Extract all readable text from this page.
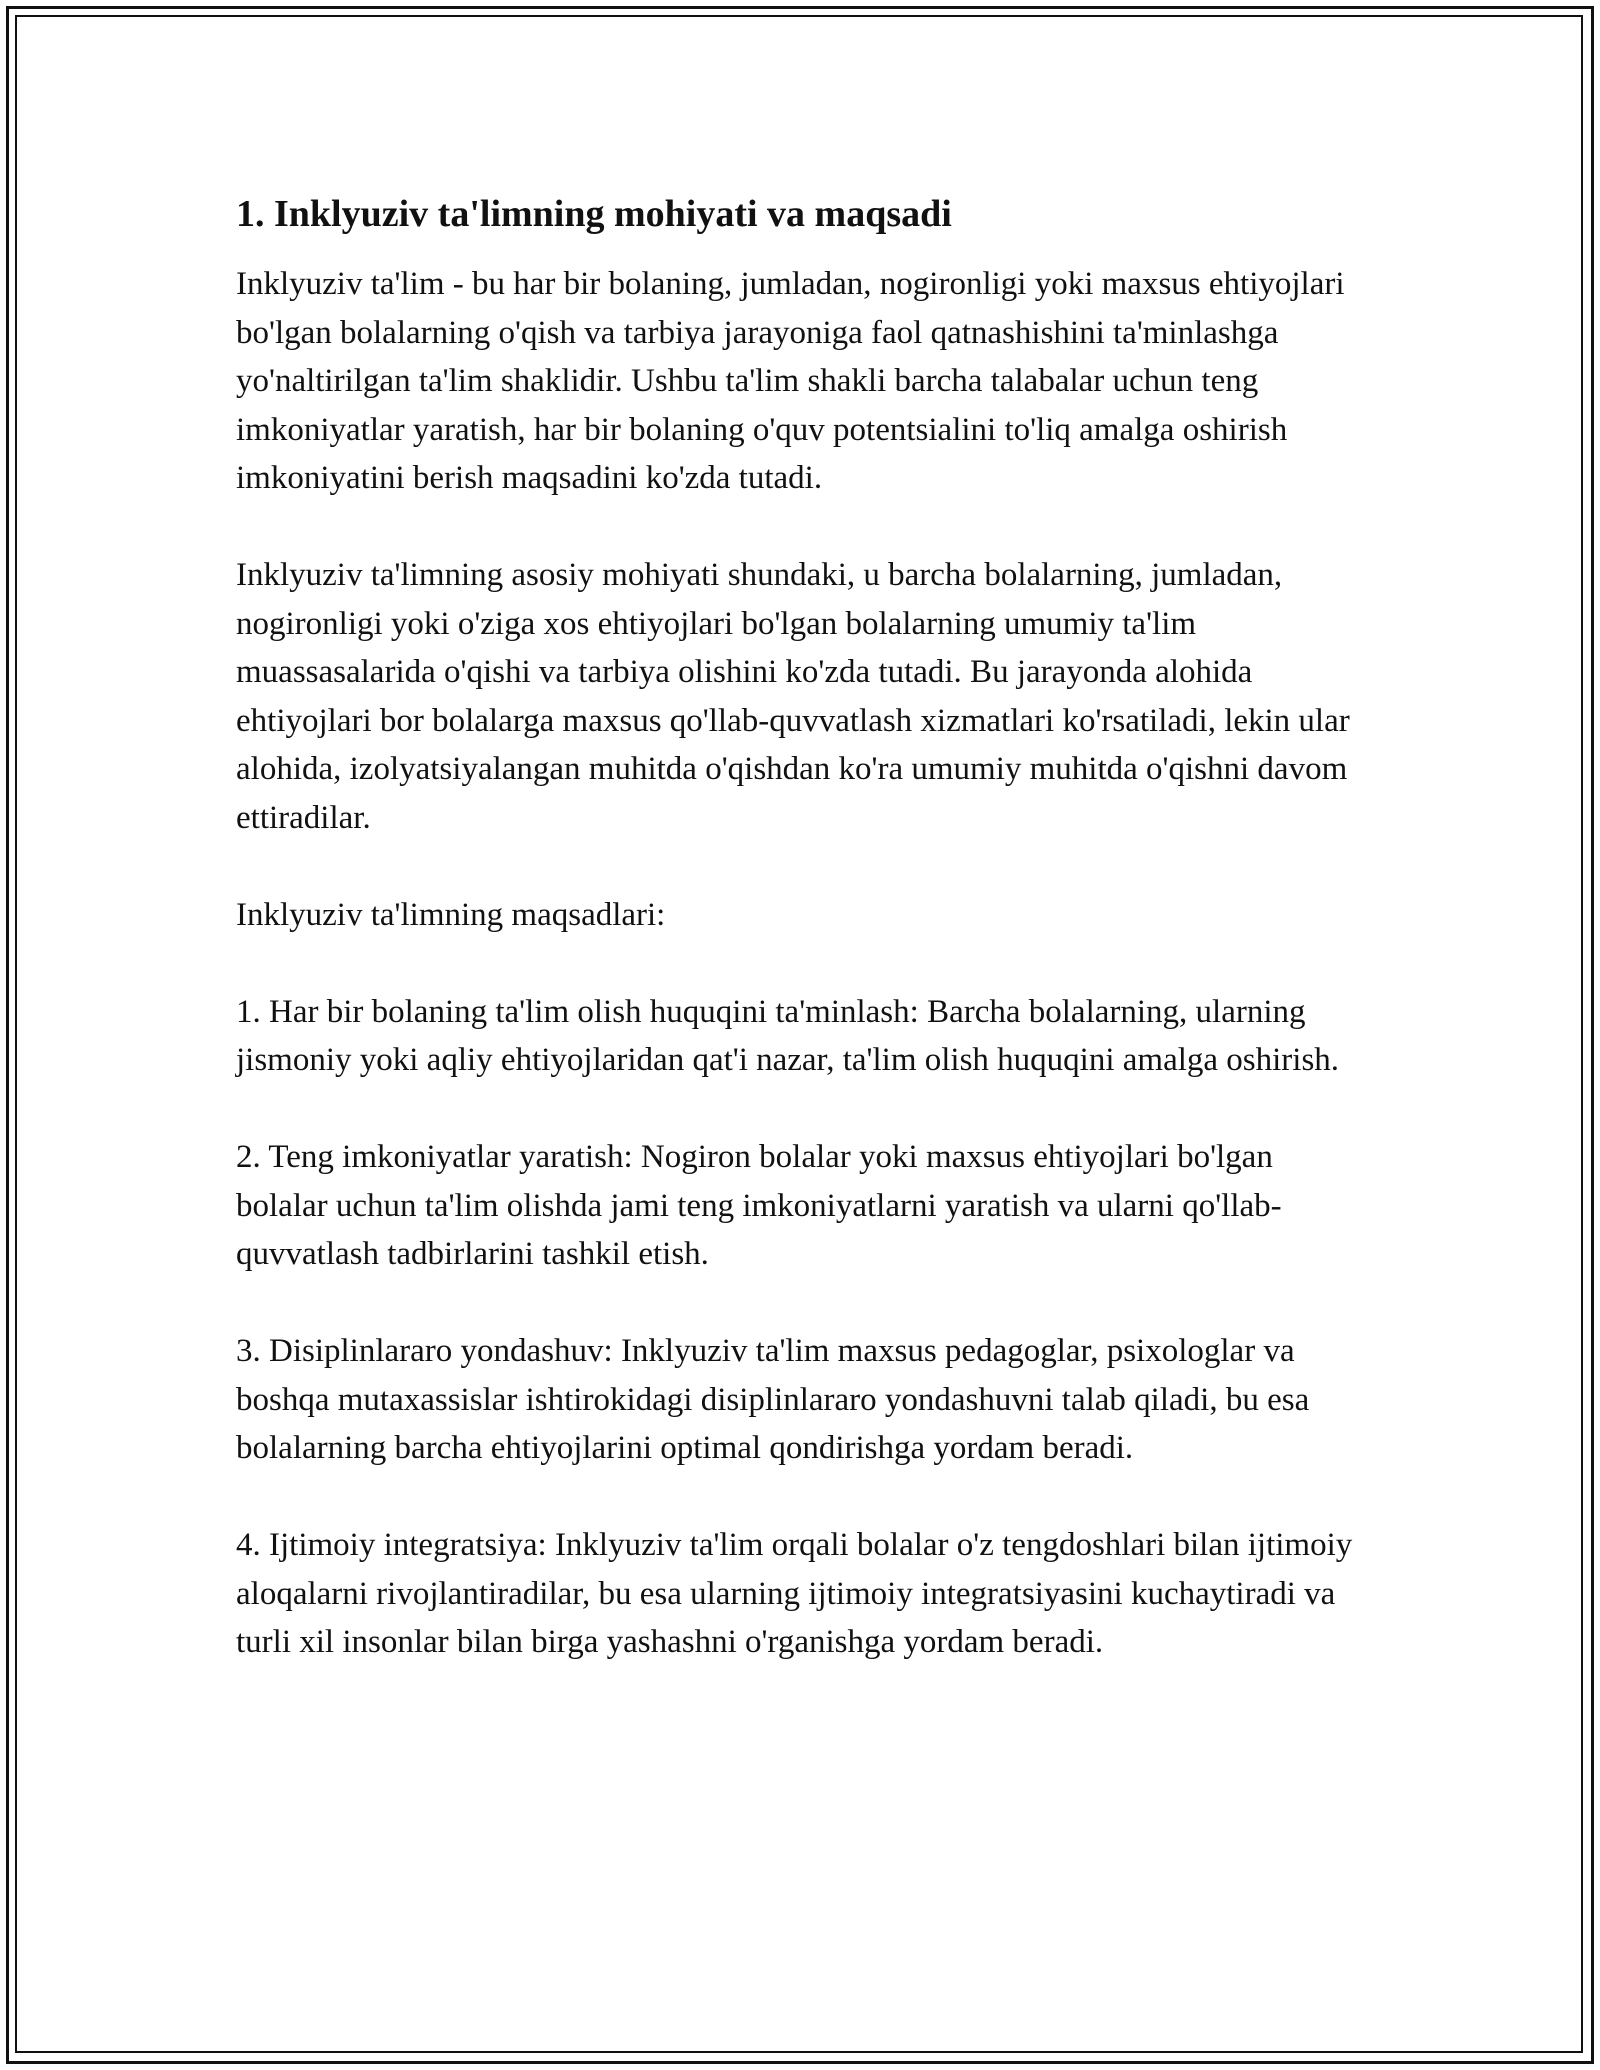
1. Inklyuziv ta'limning mohiyati va maqsadi

Inklyuziv ta'lim - bu har bir bolaning, jumladan, nogironligi yoki maxsus ehtiyojlari bo'lgan bolalarning o'qish va tarbiya jarayoniga faol qatnashishini ta'minlashga yo'naltirilgan ta'lim shaklidir. Ushbu ta'lim shakli barcha talabalar uchun teng imkoniyatlar yaratish, har bir bolaning o'quv potentsialini to'liq amalga oshirish imkoniyatini berish maqsadini ko'zda tutadi.

Inklyuziv ta'limning asosiy mohiyati shundaki, u barcha bolalarning, jumladan, nogironligi yoki o'ziga xos ehtiyojlari bo'lgan bolalarning umumiy ta'lim muassasalarida o'qishi va tarbiya olishini ko'zda tutadi. Bu jarayonda alohida ehtiyojlari bor bolalarga maxsus qo'llab-quvvatlash xizmatlari ko'rsatiladi, lekin ular alohida, izolyatsiyalangan muhitda o'qishdan ko'ra umumiy muhitda o'qishni davom ettiradilar.

Inklyuziv ta'limning maqsadlari:

1. Har bir bolaning ta'lim olish huquqini ta'minlash: Barcha bolalarning, ularning jismoniy yoki aqliy ehtiyojlaridan qat'i nazar, ta'lim olish huquqini amalga oshirish.

2. Teng imkoniyatlar yaratish: Nogiron bolalar yoki maxsus ehtiyojlari bo'lgan bolalar uchun ta'lim olishda jami teng imkoniyatlarni yaratish va ularni qo'llab-quvvatlash tadbirlarini tashkil etish.

3. Disiplinlararo yondashuv: Inklyuziv ta'lim maxsus pedagoglar, psixologlar va boshqa mutaxassislar ishtirokidagi disiplinlararo yondashuvni talab qiladi, bu esa bolalarning barcha ehtiyojlarini optimal qondirishga yordam beradi.

4. Ijtimoiy integratsiya: Inklyuziv ta'lim orqali bolalar o'z tengdoshlari bilan ijtimoiy aloqalarni rivojlantiradilar, bu esa ularning ijtimoiy integratsiyasini kuchaytiradi va turli xil insonlar bilan birga yashashni o'rganishga yordam beradi.
